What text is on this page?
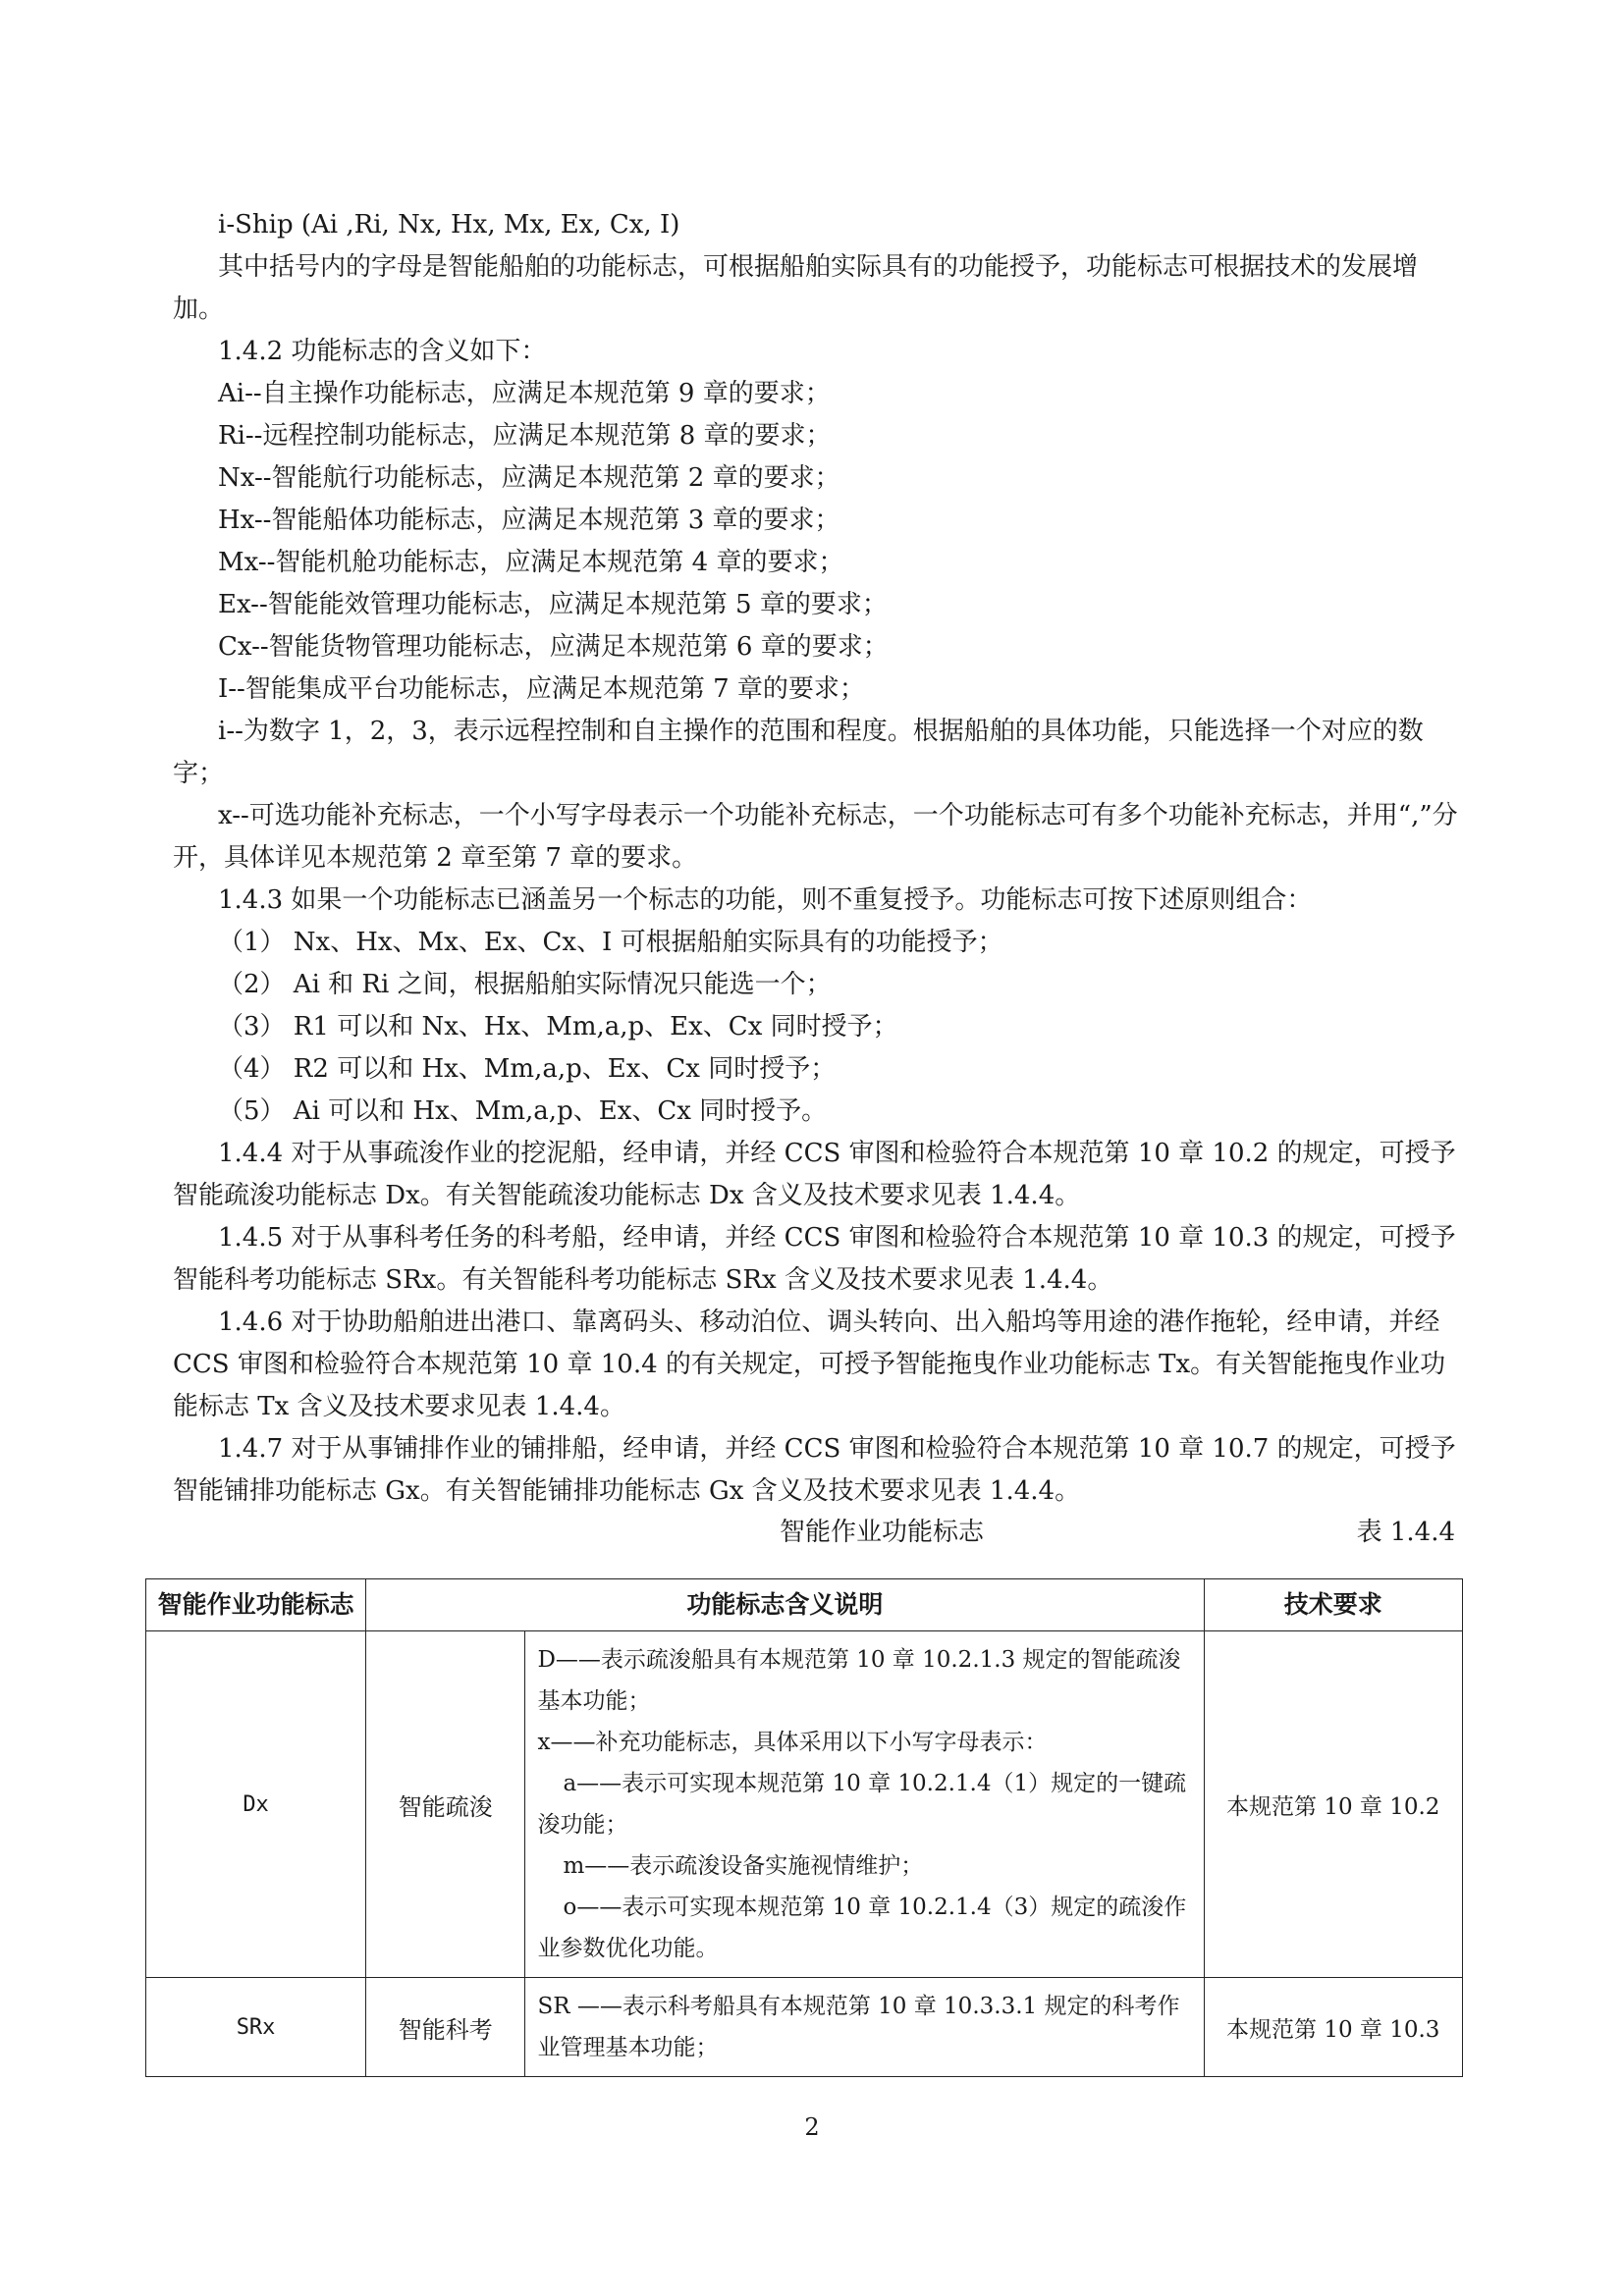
i-Ship (Ai ,Ri, Nx, Hx, Mx, Ex, Cx, I)

其中括号内的字母是智能船舶的功能标志，可根据船舶实际具有的功能授予，功能标志可根据技术的发展增加。

1.4.2 功能标志的含义如下：

Ai--自主操作功能标志，应满足本规范第 9 章的要求；

Ri--远程控制功能标志，应满足本规范第 8 章的要求；

Nx--智能航行功能标志，应满足本规范第 2 章的要求；

Hx--智能船体功能标志，应满足本规范第 3 章的要求；

Mx--智能机舱功能标志，应满足本规范第 4 章的要求；

Ex--智能能效管理功能标志，应满足本规范第 5 章的要求；

Cx--智能货物管理功能标志，应满足本规范第 6 章的要求；

I--智能集成平台功能标志，应满足本规范第 7 章的要求；

i--为数字 1，2，3，表示远程控制和自主操作的范围和程度。根据船舶的具体功能，只能选择一个对应的数字；

x--可选功能补充标志，一个小写字母表示一个功能补充标志，一个功能标志可有多个功能补充标志，并用“,”分开，具体详见本规范第 2 章至第 7 章的要求。

1.4.3 如果一个功能标志已涵盖另一个标志的功能，则不重复授予。功能标志可按下述原则组合：

（1） Nx、Hx、Mx、Ex、Cx、I 可根据船舶实际具有的功能授予；

（2） Ai 和 Ri 之间，根据船舶实际情况只能选一个；

（3） R1 可以和 Nx、Hx、Mm,a,p、Ex、Cx 同时授予；

（4） R2 可以和 Hx、Mm,a,p、Ex、Cx 同时授予；

（5） Ai 可以和 Hx、Mm,a,p、Ex、Cx 同时授予。

1.4.4 对于从事疏浚作业的挖泥船，经申请，并经 CCS 审图和检验符合本规范第 10 章 10.2 的规定，可授予智能疏浚功能标志 Dx。有关智能疏浚功能标志 Dx 含义及技术要求见表 1.4.4。

1.4.5 对于从事科考任务的科考船，经申请，并经 CCS 审图和检验符合本规范第 10 章 10.3 的规定，可授予智能科考功能标志 SRx。有关智能科考功能标志 SRx 含义及技术要求见表 1.4.4。

1.4.6 对于协助船舶进出港口、靠离码头、移动泊位、调头转向、出入船坞等用途的港作拖轮，经申请，并经 CCS 审图和检验符合本规范第 10 章 10.4 的有关规定，可授予智能拖曳作业功能标志 Tx。有关智能拖曳作业功能标志 Tx 含义及技术要求见表 1.4.4。

1.4.7 对于从事铺排作业的铺排船，经申请，并经 CCS 审图和检验符合本规范第 10 章 10.7 的规定，可授予智能铺排功能标志 Gx。有关智能铺排功能标志 Gx 含义及技术要求见表 1.4.4。

智能作业功能标志	表 1.4.4
智能作业功能标志	功能标志含义说明		技术要求
Dx	智能疏浚	D——表示疏浚船具有本规范第 10 章 10.2.1.3 规定的智能疏浚基本功能；

x——补充功能标志，具体采用以下小写字母表示：

a——表示可实现本规范第 10 章 10.2.1.4（1）规定的一键疏浚功能；

m——表示疏浚设备实施视情维护；

o——表示可实现本规范第 10 章 10.2.1.4（3）规定的疏浚作业参数优化功能。	本规范第 10 章 10.2
SRx	智能科考	SR ——表示科考船具有本规范第 10 章 10.3.3.1 规定的科考作业管理基本功能；	本规范第 10 章 10.3
2
